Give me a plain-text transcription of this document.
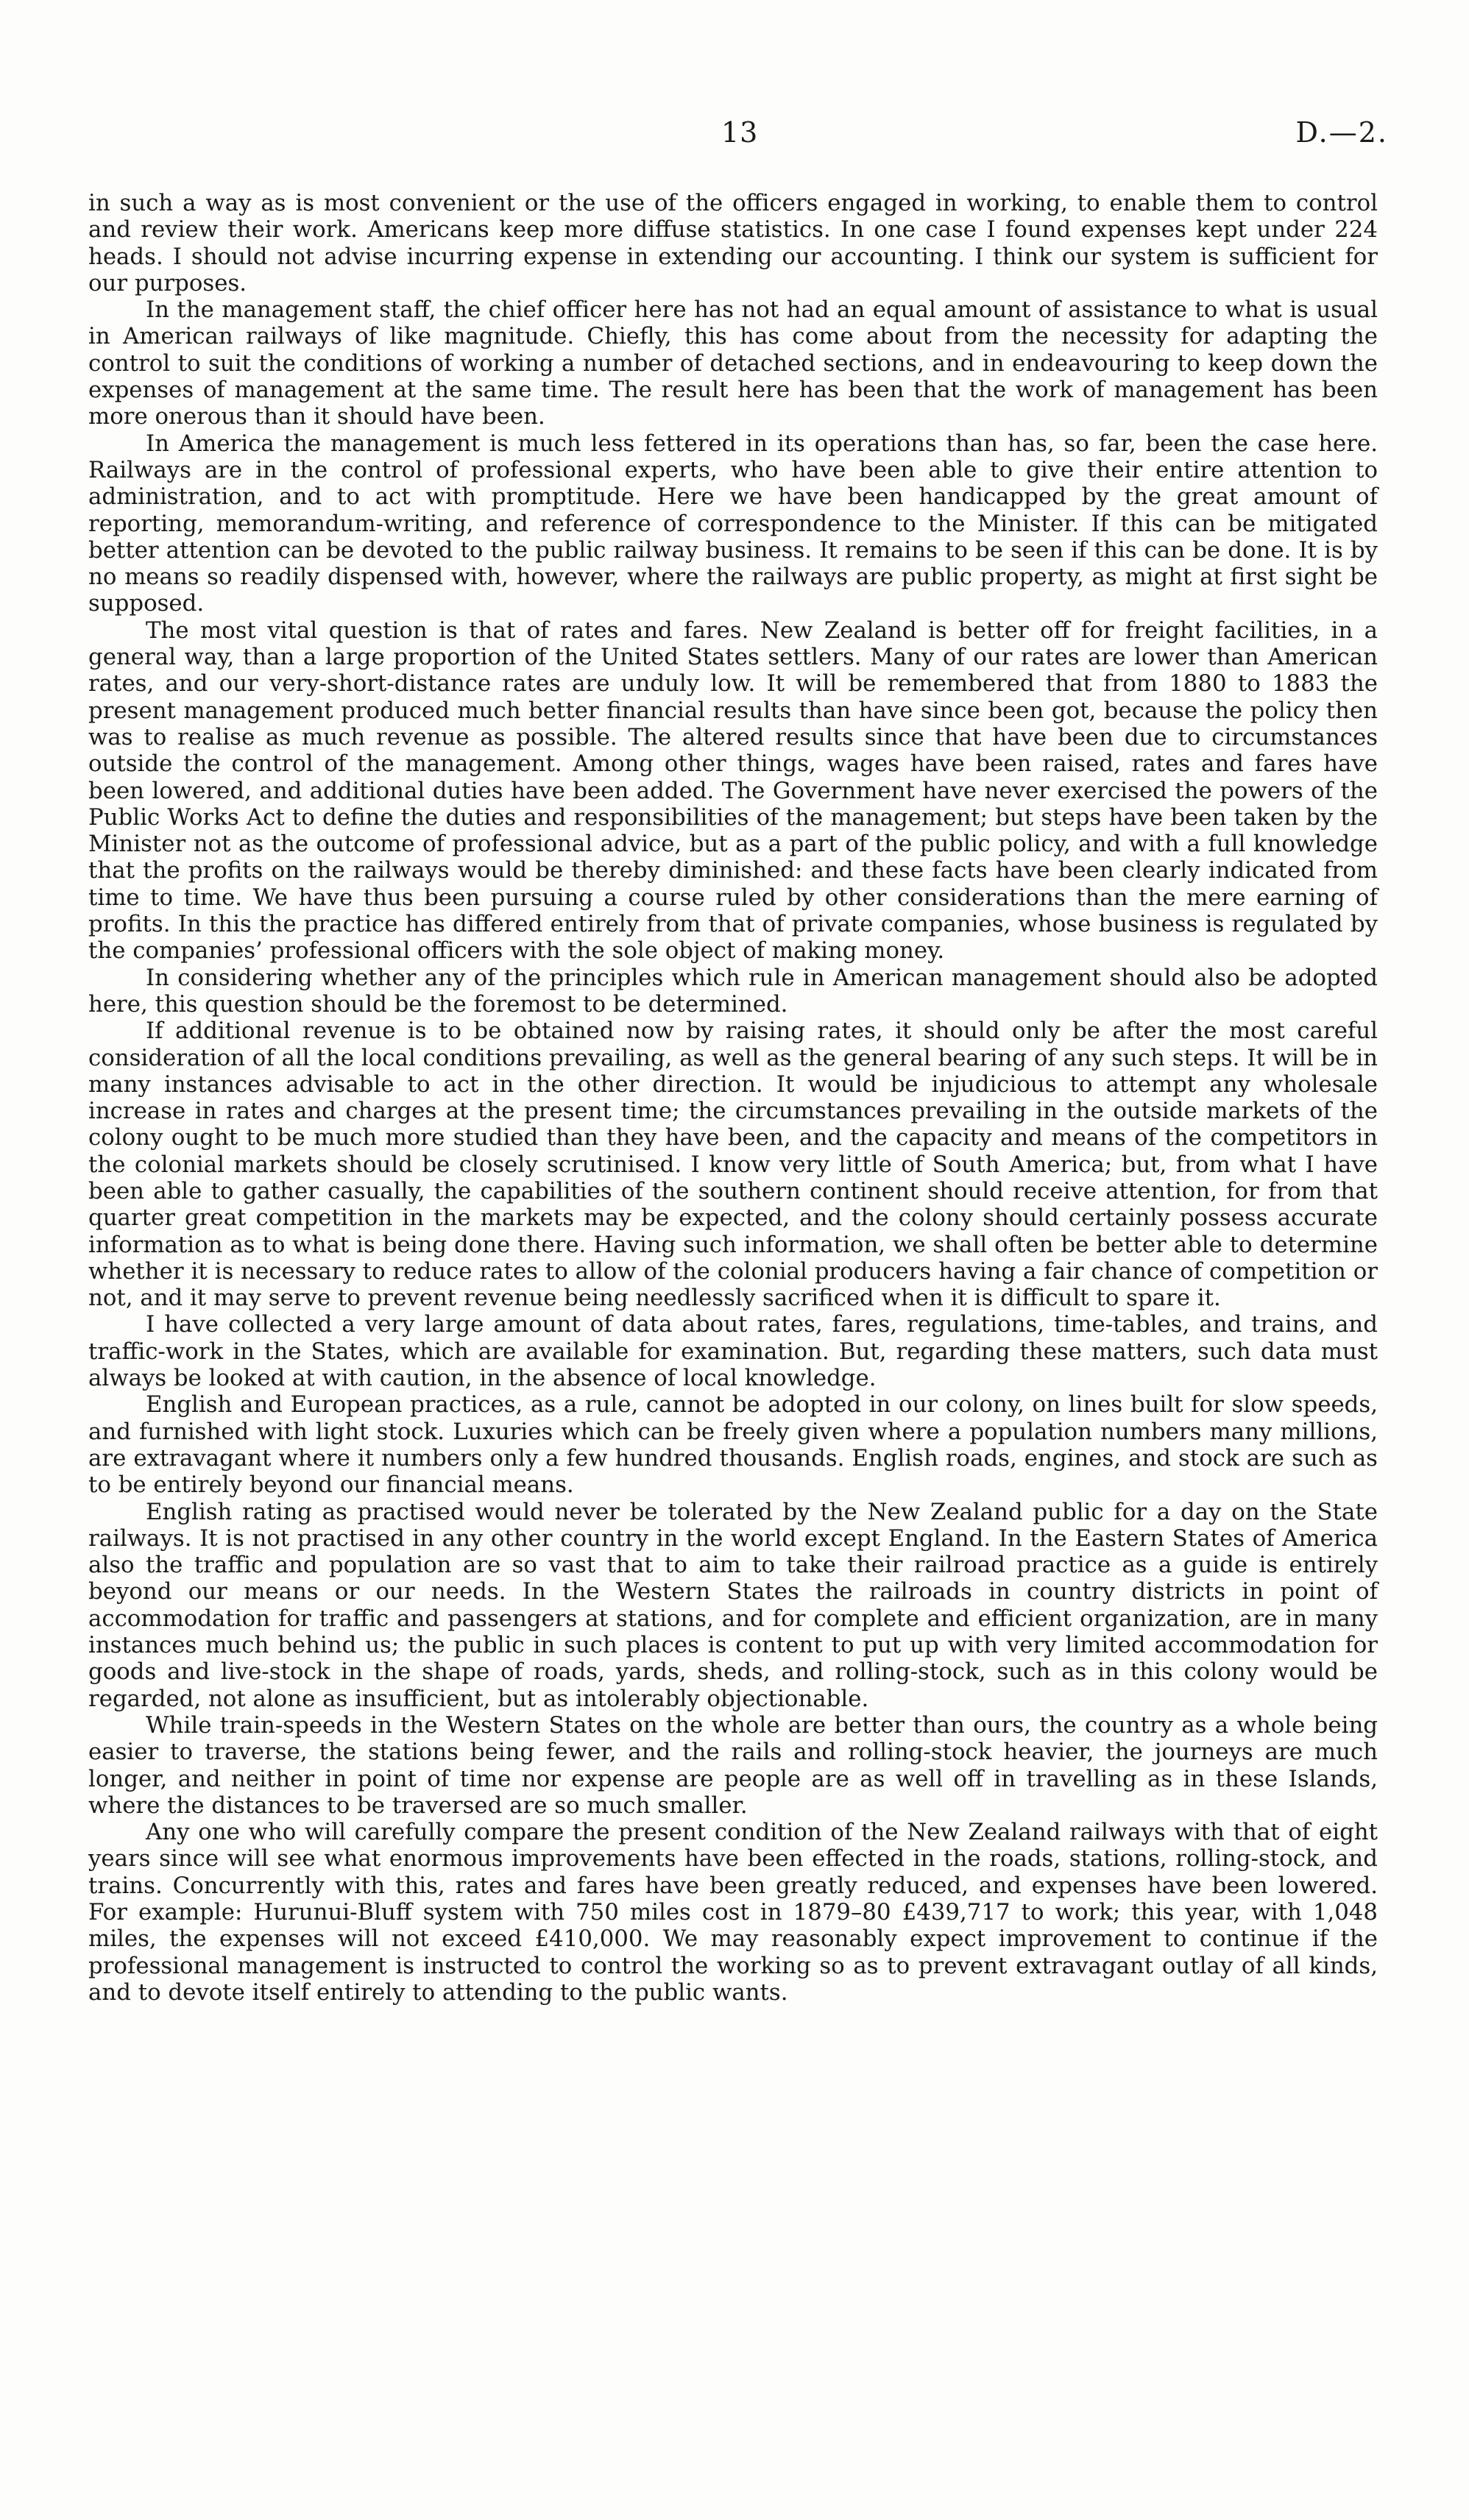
13	D.—2.

in such a way as is most convenient or the use of the officers engaged in working, to enable them to control and review their work. Americans keep more diffuse statistics. In one case I found expenses kept under 224 heads. I should not advise incurring expense in extending our accounting. I think our system is sufficient for our purposes.

In the management staff, the chief officer here has not had an equal amount of assistance to what is usual in American railways of like magnitude. Chiefly, this has come about from the necessity for adapting the control to suit the conditions of working a number of detached sections, and in endeavouring to keep down the expenses of management at the same time. The result here has been that the work of management has been more onerous than it should have been.

In America the management is much less fettered in its operations than has, so far, been the case here. Railways are in the control of professional experts, who have been able to give their entire attention to administration, and to act with promptitude. Here we have been handicapped by the great amount of reporting, memorandum-writing, and reference of correspondence to the Minister. If this can be mitigated better attention can be devoted to the public railway business. It remains to be seen if this can be done. It is by no means so readily dispensed with, however, where the railways are public property, as might at first sight be supposed.

The most vital question is that of rates and fares. New Zealand is better off for freight facilities, in a general way, than a large proportion of the United States settlers. Many of our rates are lower than American rates, and our very-short-distance rates are unduly low. It will be remembered that from 1880 to 1883 the present management produced much better financial results than have since been got, because the policy then was to realise as much revenue as possible. The altered results since that have been due to circumstances outside the control of the management. Among other things, wages have been raised, rates and fares have been lowered, and additional duties have been added. The Government have never exercised the powers of the Public Works Act to define the duties and responsibilities of the management; but steps have been taken by the Minister not as the outcome of professional advice, but as a part of the public policy, and with a full knowledge that the profits on the railways would be thereby diminished: and these facts have been clearly indicated from time to time. We have thus been pursuing a course ruled by other considerations than the mere earning of profits. In this the practice has differed entirely from that of private companies, whose business is regulated by the companies’ professional officers with the sole object of making money.

In considering whether any of the principles which rule in American management should also be adopted here, this question should be the foremost to be determined.

If additional revenue is to be obtained now by raising rates, it should only be after the most careful consideration of all the local conditions prevailing, as well as the general bearing of any such steps. It will be in many instances advisable to act in the other direction. It would be injudicious to attempt any wholesale increase in rates and charges at the present time; the circumstances prevailing in the outside markets of the colony ought to be much more studied than they have been, and the capacity and means of the competitors in the colonial markets should be closely scrutinised. I know very little of South America; but, from what I have been able to gather casually, the capabilities of the southern continent should receive attention, for from that quarter great competition in the markets may be expected, and the colony should certainly possess accurate information as to what is being done there. Having such information, we shall often be better able to determine whether it is necessary to reduce rates to allow of the colonial producers having a fair chance of competition or not, and it may serve to prevent revenue being needlessly sacrificed when it is difficult to spare it.

I have collected a very large amount of data about rates, fares, regulations, time-tables, and trains, and traffic-work in the States, which are available for examination. But, regarding these matters, such data must always be looked at with caution, in the absence of local knowledge.

English and European practices, as a rule, cannot be adopted in our colony, on lines built for slow speeds, and furnished with light stock. Luxuries which can be freely given where a population numbers many millions, are extravagant where it numbers only a few hundred thousands. English roads, engines, and stock are such as to be entirely beyond our financial means.

English rating as practised would never be tolerated by the New Zealand public for a day on the State railways. It is not practised in any other country in the world except England. In the Eastern States of America also the traffic and population are so vast that to aim to take their railroad practice as a guide is entirely beyond our means or our needs. In the Western States the railroads in country districts in point of accommodation for traffic and passengers at stations, and for complete and efficient organization, are in many instances much behind us; the public in such places is content to put up with very limited accommodation for goods and live-stock in the shape of roads, yards, sheds, and rolling-stock, such as in this colony would be regarded, not alone as insufficient, but as intolerably objectionable.

While train-speeds in the Western States on the whole are better than ours, the country as a whole being easier to traverse, the stations being fewer, and the rails and rolling-stock heavier, the journeys are much longer, and neither in point of time nor expense are people are as well off in travelling as in these Islands, where the distances to be traversed are so much smaller.

Any one who will carefully compare the present condition of the New Zealand railways with that of eight years since will see what enormous improvements have been effected in the roads, stations, rolling-stock, and trains. Concurrently with this, rates and fares have been greatly reduced, and expenses have been lowered. For example: Hurunui-Bluff system with 750 miles cost in 1879–80 £439,717 to work; this year, with 1,048 miles, the expenses will not exceed £410,000. We may reasonably expect improvement to continue if the professional management is instructed to control the working so as to prevent extravagant outlay of all kinds, and to devote itself entirely to attending to the public wants.
